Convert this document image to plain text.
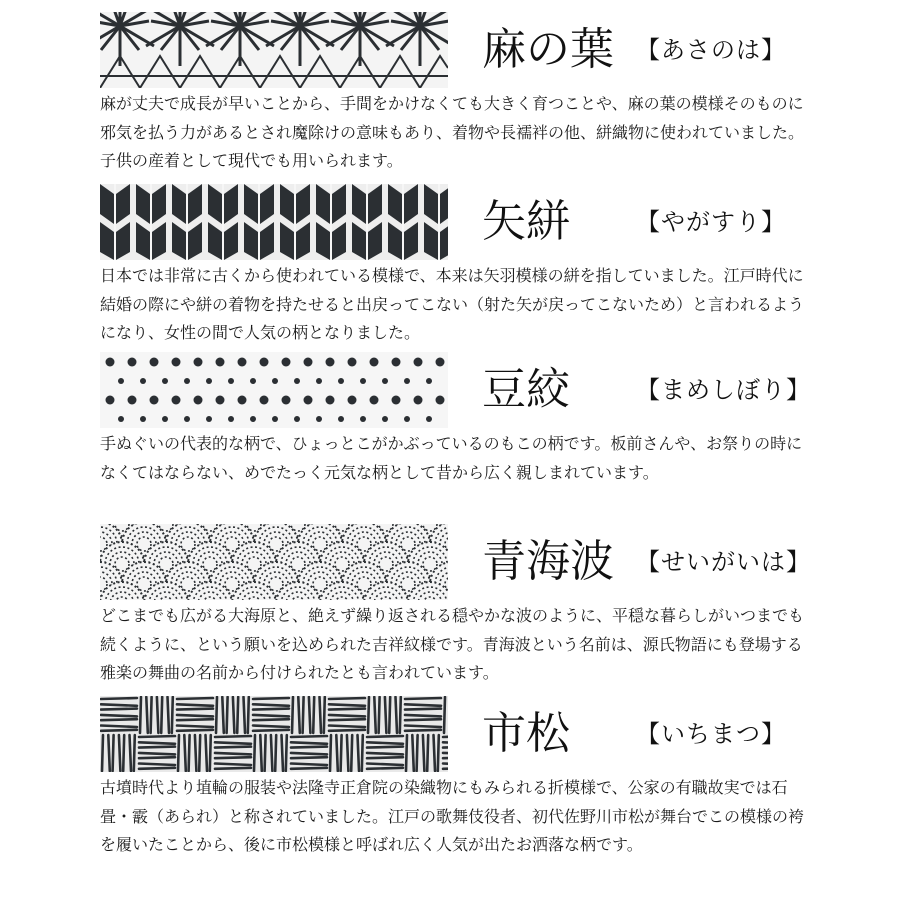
麻の葉 【あさのは】
麻が丈夫で成長が早いことから、手間をかけなくても大きく育つことや、麻の葉の模様そのものに邪気を払う力があるとされ魔除けの意味もあり、着物や長襦袢の他、絣織物に使われていました。子供の産着として現代でも用いられます。
矢絣	【やがすり】
日本では非常に古くから使われている模様で、本来は矢羽模様の絣を指していました。江戸時代に結婚の際にや絣の着物を持たせると出戻ってこない（射た矢が戻ってこないため）と言われるようになり、女性の間で人気の柄となりました。
豆絞	【まめしぼり】
手ぬぐいの代表的な柄で、ひょっとこがかぶっているのもこの柄です。板前さんや、お祭りの時になくてはならない、めでたっく元気な柄として昔から広く親しまれています。
青海波 【せいがいは】
どこまでも広がる大海原と、絶えず繰り返される穏やかな波のように、平穏な暮らしがいつまでも続くように、という願いを込められた吉祥紋様です。青海波という名前は、源氏物語にも登場する雅楽の舞曲の名前から付けられたとも言われています。
市松	【いちまつ】
古墳時代より埴輪の服装や法隆寺正倉院の染織物にもみられる折模様で、公家の有職故実では石畳・霰（あられ）と称されていました。江戸の歌舞伎役者、初代佐野川市松が舞台でこの模様の袴を履いたことから、後に市松模様と呼ばれ広く人気が出たお洒落な柄です。
